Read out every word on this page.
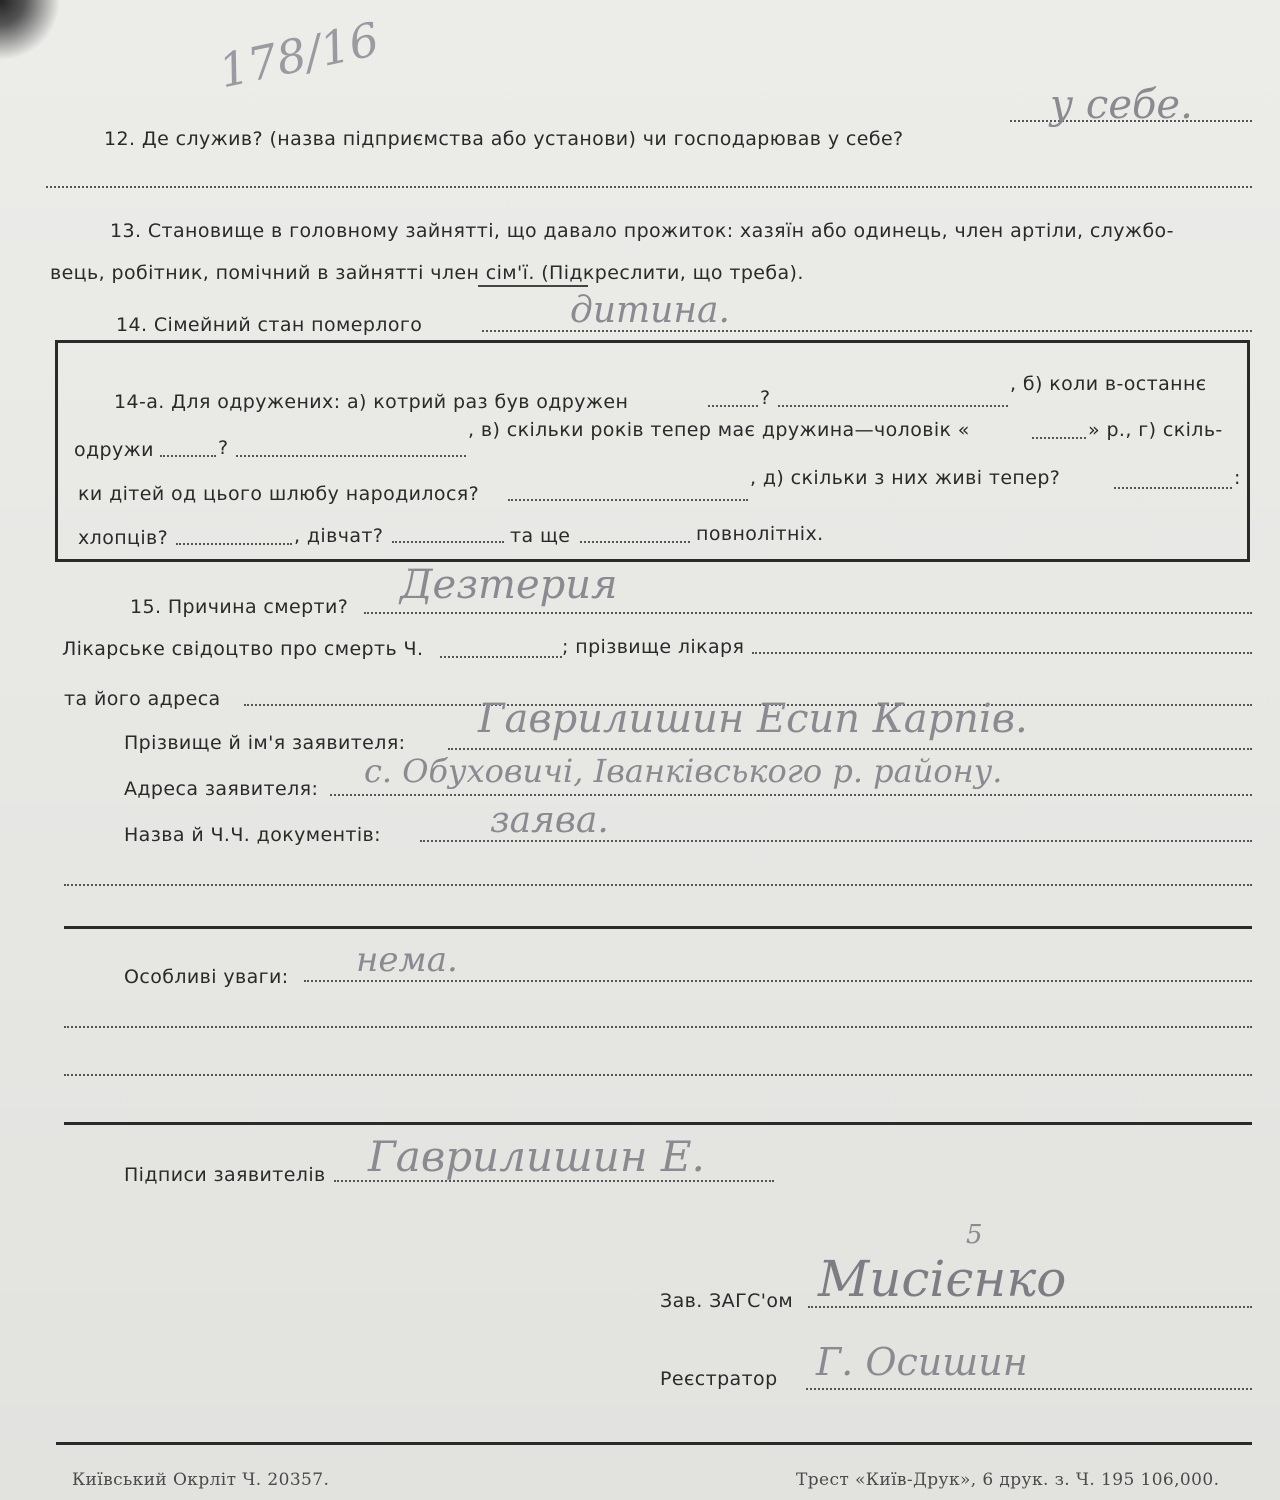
178/16
12. Де служив? (назва підприємства або установи) чи господарював у себе?
у себе.
13. Становище в головному зайнятті, що давало прожиток: хазяїн або одинець, член артіли, службо-
вець, робітник, помічний в зайнятті член сім'ї. (Підкреслити, що треба).
14. Сімейний стан померлого	дитина.
14-а. Для одружених: а) котрий раз був одружен	?
, б) коли в-останнє
одружи	?
, в) скільки років тепер має дружина—чоловік «	» р., г) скіль-
ки дітей од цього шлюбу народилося?
, д) скільки з них живі тепер?	:
хлопців?	, дівчат?	та ще	повнолітніх.
15. Причина смерти? Дезтерия
Лікарське свідоцтво про смерть Ч.	; прізвище лікаря
та його адреса
Прізвище й ім'я заявителя:
Гаврилишин Есип Карпів.
Адреса заявителя: с. Обуховичі, Іванківського р. району.
Назва й Ч.Ч. документів:	заява.
Особливі уваги: нема.
Підписи заявителів Гаврилишин Е.
5
Зав. ЗАГС'ом Мисієнко
Реєстратор Г. Осишин
Київський Окрліт Ч. 20357.	Трест «Київ-Друк», 6 друк. з. Ч. 195 106,000.
